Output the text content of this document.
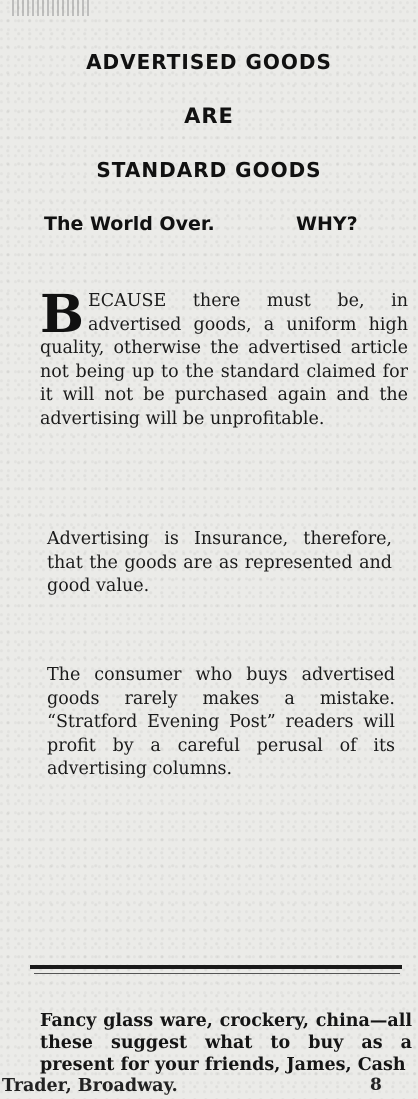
ADVERTISED GOODS
ARE
STANDARD GOODS
The World Over.	WHY?
BECAUSE there must be, in advertised goods, a uniform high quality, otherwise the advertised article not being up to the standard claimed for it will not be purchased again and the advertising will be unprofitable.
Advertising is Insurance, therefore, that the goods are as represented and good value.
The consumer who buys advertised goods rarely makes a mistake. “Stratford Evening Post” readers will profit by a careful perusal of its advertising columns.
Fancy glass ware, crockery, china—all these suggest what to buy as a present for your friends, James, Cash
Trader, Broadway.	8
